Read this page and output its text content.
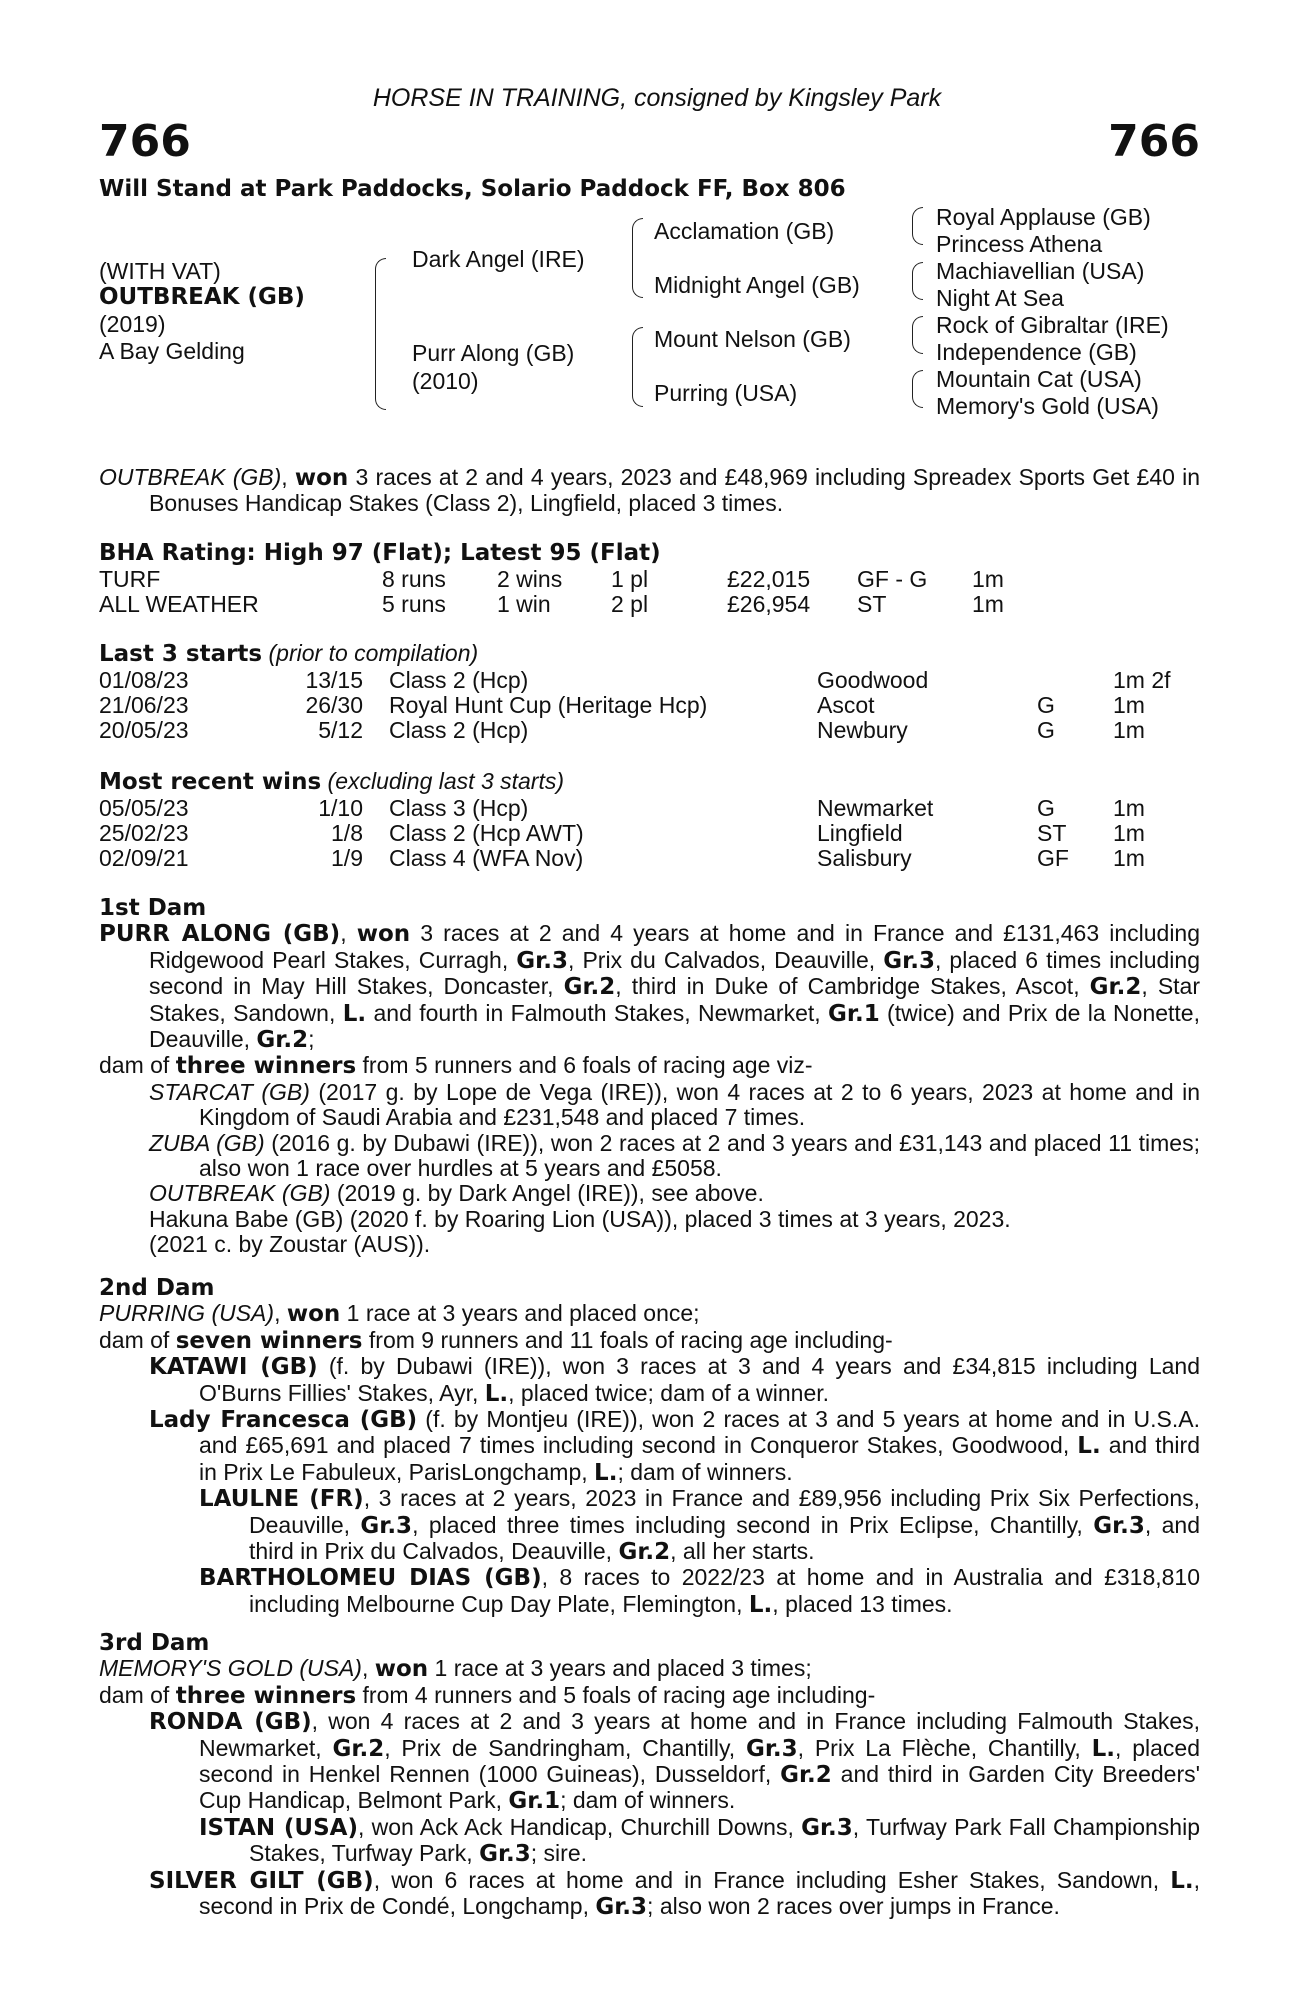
HORSE IN TRAINING, consigned by Kingsley Park
766	766
Will Stand at Park Paddocks, Solario Paddock FF, Box 806
(WITH VAT)
OUTBREAK (GB)
(2019)
A Bay Gelding
Dark Angel (IRE)
Purr Along (GB)
(2010)
Acclamation (GB)
Midnight Angel (GB)
Mount Nelson (GB)
Purring (USA)
Royal Applause (GB)
Princess Athena
Machiavellian (USA)
Night At Sea
Rock of Gibraltar (IRE)
Independence (GB)
Mountain Cat (USA)
Memory's Gold (USA)
OUTBREAK (GB), won 3 races at 2 and 4 years, 2023 and £48,969 including Spreadex Sports Get £40 in Bonuses Handicap Stakes (Class 2), Lingfield, placed 3 times.
BHA Rating: High 97 (Flat); Latest 95 (Flat)
TURF	8 runs 2 wins 1 pl	£22,015 GF - G 1m
ALL WEATHER	5 runs 1 win	2 pl	£26,954 ST	1m
Last 3 starts (prior to compilation)
01/08/23	13/15 Class 2 (Hcp)	Goodwood	1m 2f
21/06/23	26/30 Royal Hunt Cup (Heritage Hcp)	Ascot	G	1m
20/05/23	5/12 Class 2 (Hcp)	Newbury	G	1m
Most recent wins (excluding last 3 starts)
05/05/23	1/10 Class 3 (Hcp)	Newmarket	G	1m
25/02/23	1/8 Class 2 (Hcp AWT)	Lingfield	ST 1m
02/09/21	1/9 Class 4 (WFA Nov)	Salisbury	GF 1m
1st Dam
PURR ALONG (GB), won 3 races at 2 and 4 years at home and in France and £131,463 including Ridgewood Pearl Stakes, Curragh, Gr.3, Prix du Calvados, Deauville, Gr.3, placed 6 times including second in May Hill Stakes, Doncaster, Gr.2, third in Duke of Cambridge Stakes, Ascot, Gr.2, Star Stakes, Sandown, L. and fourth in Falmouth Stakes, Newmarket, Gr.1 (twice) and Prix de la Nonette, Deauville, Gr.2;
dam of three winners from 5 runners and 6 foals of racing age viz-
STARCAT (GB) (2017 g. by Lope de Vega (IRE)), won 4 races at 2 to 6 years, 2023 at home and in Kingdom of Saudi Arabia and £231,548 and placed 7 times.
ZUBA (GB) (2016 g. by Dubawi (IRE)), won 2 races at 2 and 3 years and £31,143 and placed 11 times; also won 1 race over hurdles at 5 years and £5058.
OUTBREAK (GB) (2019 g. by Dark Angel (IRE)), see above.
Hakuna Babe (GB) (2020 f. by Roaring Lion (USA)), placed 3 times at 3 years, 2023.
(2021 c. by Zoustar (AUS)).
2nd Dam
PURRING (USA), won 1 race at 3 years and placed once;
dam of seven winners from 9 runners and 11 foals of racing age including-
KATAWI (GB) (f. by Dubawi (IRE)), won 3 races at 3 and 4 years and £34,815 including Land O'Burns Fillies' Stakes, Ayr, L., placed twice; dam of a winner.
Lady Francesca (GB) (f. by Montjeu (IRE)), won 2 races at 3 and 5 years at home and in U.S.A. and £65,691 and placed 7 times including second in Conqueror Stakes, Goodwood, L. and third in Prix Le Fabuleux, ParisLongchamp, L.; dam of winners.
LAULNE (FR), 3 races at 2 years, 2023 in France and £89,956 including Prix Six Perfections, Deauville, Gr.3, placed three times including second in Prix Eclipse, Chantilly, Gr.3, and third in Prix du Calvados, Deauville, Gr.2, all her starts.
BARTHOLOMEU DIAS (GB), 8 races to 2022/23 at home and in Australia and £318,810 including Melbourne Cup Day Plate, Flemington, L., placed 13 times.
3rd Dam
MEMORY'S GOLD (USA), won 1 race at 3 years and placed 3 times;
dam of three winners from 4 runners and 5 foals of racing age including-
RONDA (GB), won 4 races at 2 and 3 years at home and in France including Falmouth Stakes, Newmarket, Gr.2, Prix de Sandringham, Chantilly, Gr.3, Prix La Flèche, Chantilly, L., placed second in Henkel Rennen (1000 Guineas), Dusseldorf, Gr.2 and third in Garden City Breeders' Cup Handicap, Belmont Park, Gr.1; dam of winners.
ISTAN (USA), won Ack Ack Handicap, Churchill Downs, Gr.3, Turfway Park Fall Championship Stakes, Turfway Park, Gr.3; sire.
SILVER GILT (GB), won 6 races at home and in France including Esher Stakes, Sandown, L., second in Prix de Condé, Longchamp, Gr.3; also won 2 races over jumps in France.
